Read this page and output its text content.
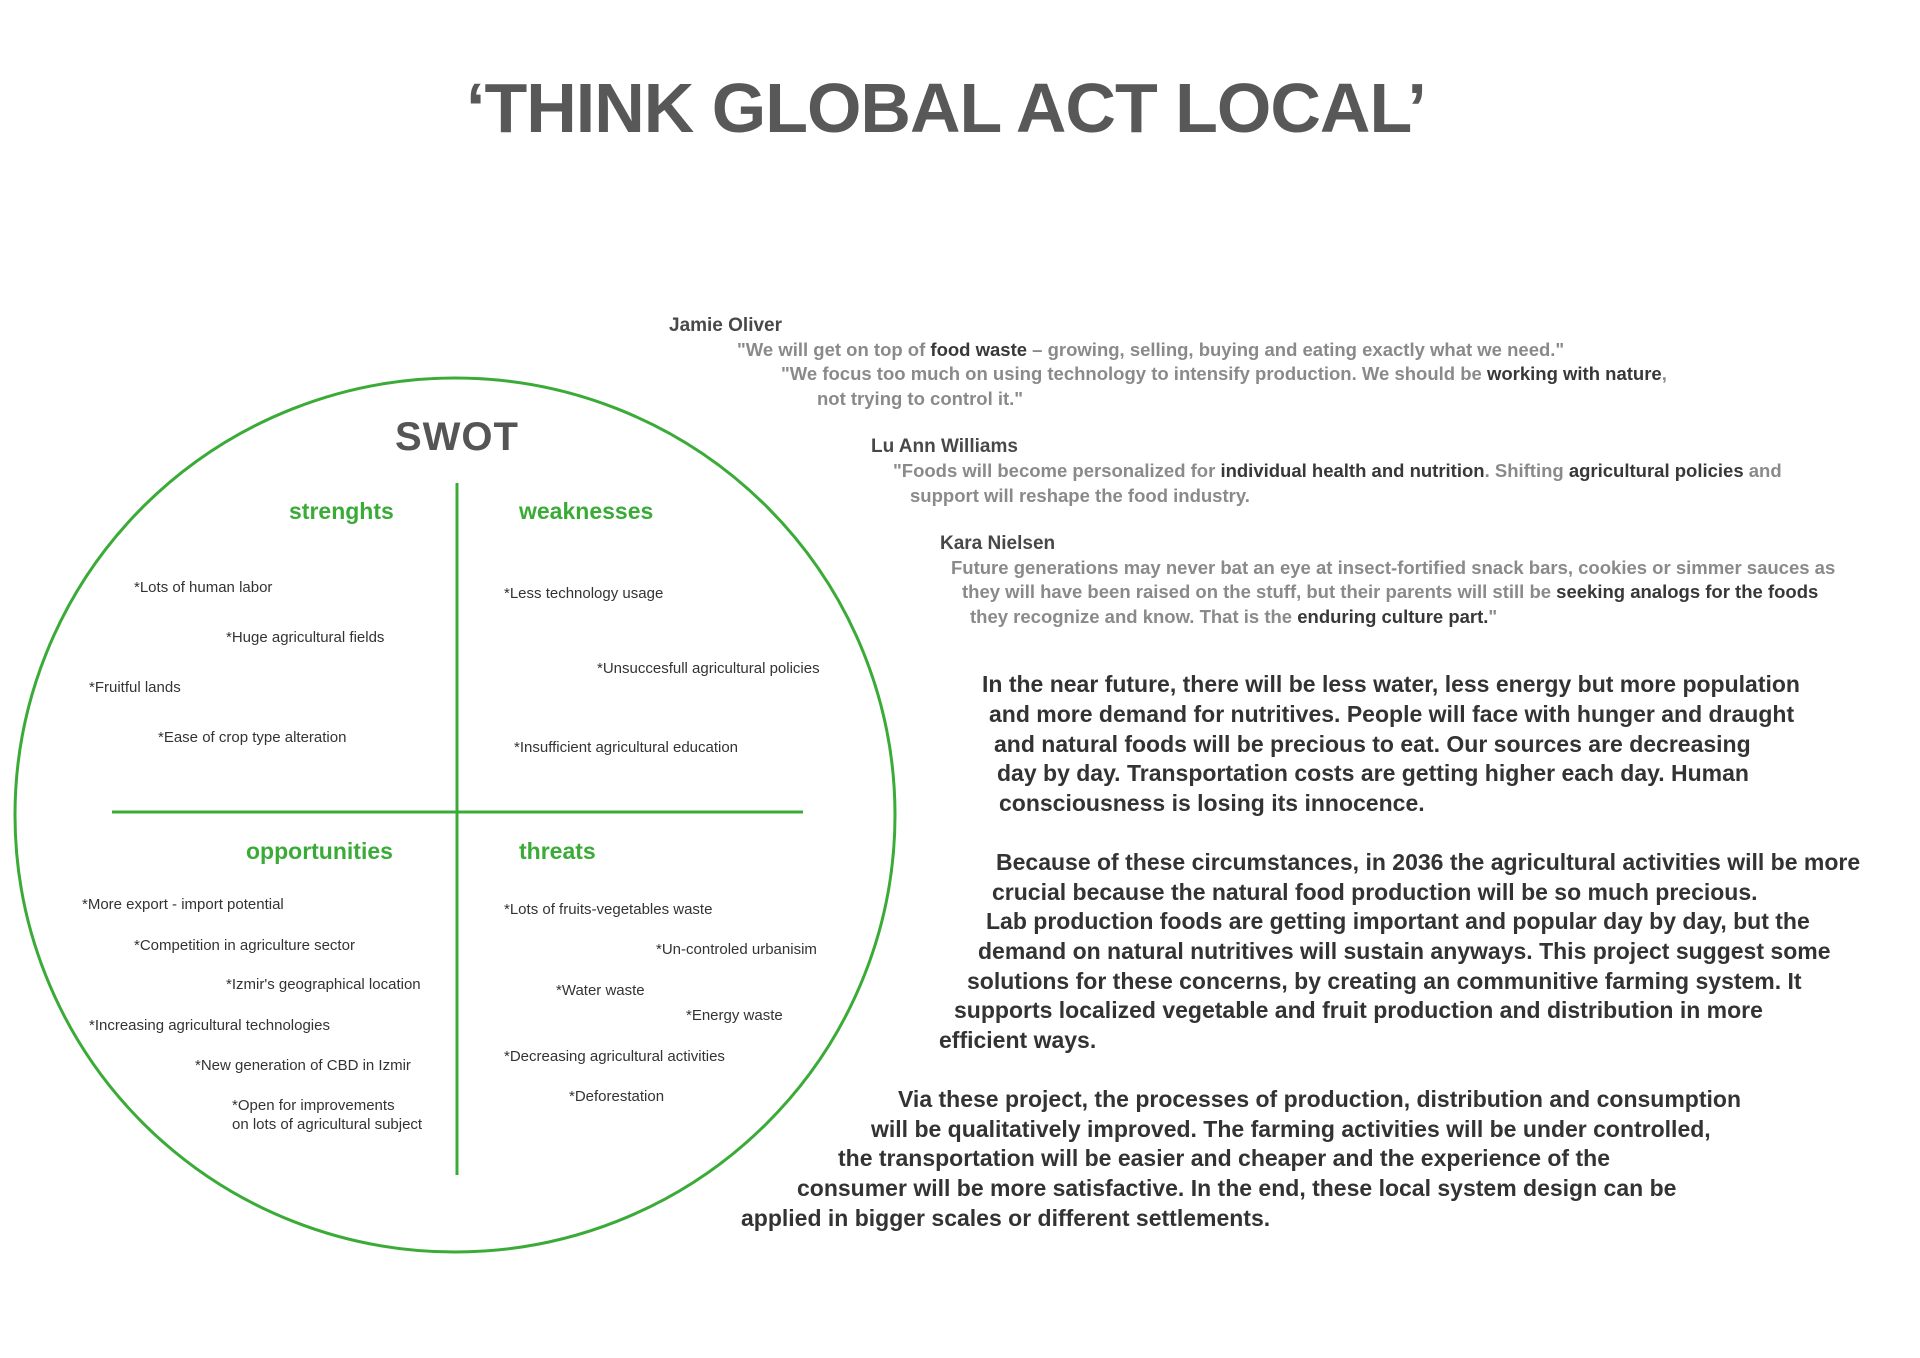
‘THINK GLOBAL ACT LOCAL’
SWOT
strenghts
*Lots of human labor
*Huge agricultural fields
*Fruitful lands
*Ease of crop type alteration
weaknesses
*Less technology usage
*Unsuccesfull agricultural policies
*Insufficient agricultural education
opportunities
*More export - import potential
*Competition in agriculture sector
*Izmir's geographical location
*Increasing agricultural technologies
*New generation of CBD in Izmir
*Open for improvements
on lots of agricultural subject
threats
*Lots of fruits-vegetables waste
*Un-controled urbanisim
*Water waste
*Energy waste
*Decreasing agricultural activities
*Deforestation
Jamie Oliver
"We will get on top of food waste – growing, selling, buying and eating exactly what we need."
"We focus too much on using technology to intensify production. We should be working with nature,
not trying to control it."
Lu Ann Williams
"Foods will become personalized for individual health and nutrition. Shifting agricultural policies and
support will reshape the food industry.
Kara Nielsen
Future generations may never bat an eye at insect-fortified snack bars, cookies or simmer sauces as
they will have been raised on the stuff, but their parents will still be seeking analogs for the foods
they recognize and know. That is the enduring culture part."
In the near future, there will be less water, less energy but more population
and more demand for nutritives. People will face with hunger and draught
and natural foods will be precious to eat. Our sources are decreasing
day by day. Transportation costs are getting higher each day. Human
consciousness is losing its innocence.
Because of these circumstances, in 2036 the agricultural activities will be more
crucial because the natural food production will be so much precious.
Lab production foods are getting important and popular day by day, but the
demand on natural nutritives will sustain anyways. This project suggest some
solutions for these concerns, by creating an communitive farming system. It
supports localized vegetable and fruit production and distribution in more
efficient ways.
Via these project, the processes of production, distribution and consumption
will be qualitatively improved. The farming activities will be under controlled,
the transportation will be easier and cheaper and the experience of the
consumer will be more satisfactive. In the end, these local system design can be
applied in bigger scales or different settlements.
